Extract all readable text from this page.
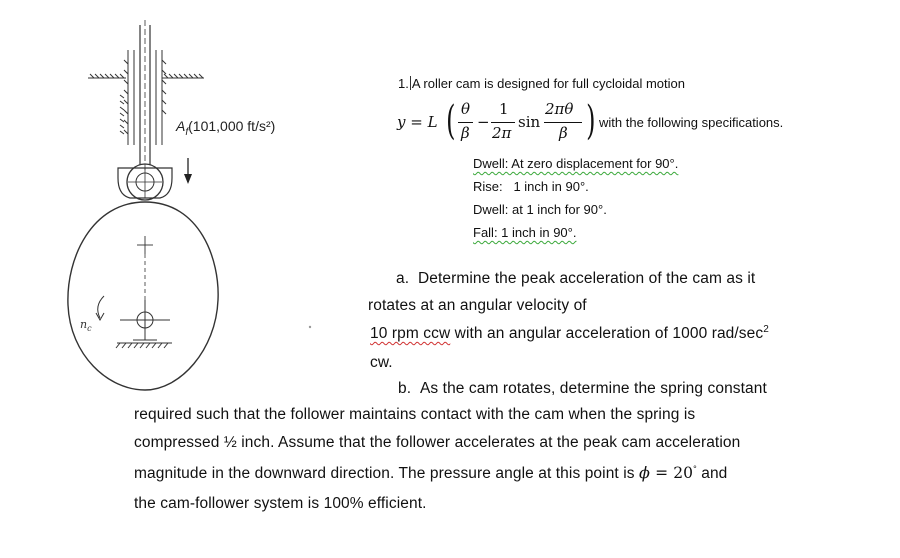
$A_f(101,000$ ft/s²)
$n_c$
1. A roller cam is designed for full cycloidal motion
y = L ( θ
β
−
1
2π
sin
2πθ
β ) with the following specifications.
Dwell: At zero displacement for 90°.
Rise:   1 inch in 90°.
Dwell: at 1 inch for 90°.
Fall: 1 inch in 90°.
a. Determine the peak acceleration of the cam as it
rotates at an angular velocity of
10 rpm ccw with an angular acceleration of 1000 rad/$\sec^2$
cw.
b. As the cam rotates, determine the spring constant
required such that the follower maintains contact with the cam when the spring is
compressed ½ inch. Assume that the follower accelerates at the peak cam acceleration
magnitude in the downward direction. The pressure angle at this point is ϕ = 20° and
the cam-follower system is 100% efficient.
